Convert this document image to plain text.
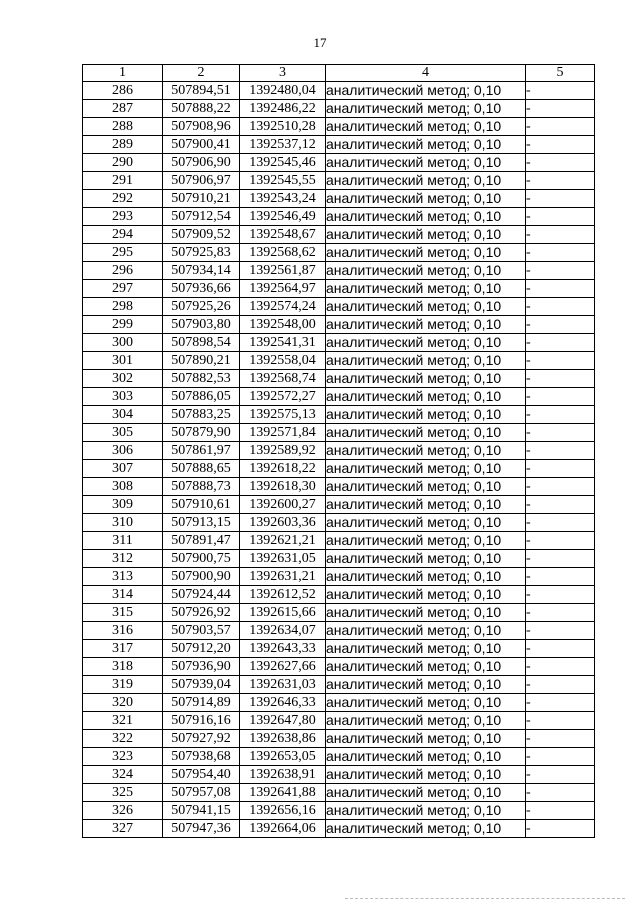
17
1	2	3	4	5
286	507894,51	1392480,04	аналитический метод; 0,10	-
287	507888,22	1392486,22	аналитический метод; 0,10	-
288	507908,96	1392510,28	аналитический метод; 0,10	-
289	507900,41	1392537,12	аналитический метод; 0,10	-
290	507906,90	1392545,46	аналитический метод; 0,10	-
291	507906,97	1392545,55	аналитический метод; 0,10	-
292	507910,21	1392543,24	аналитический метод; 0,10	-
293	507912,54	1392546,49	аналитический метод; 0,10	-
294	507909,52	1392548,67	аналитический метод; 0,10	-
295	507925,83	1392568,62	аналитический метод; 0,10	-
296	507934,14	1392561,87	аналитический метод; 0,10	-
297	507936,66	1392564,97	аналитический метод; 0,10	-
298	507925,26	1392574,24	аналитический метод; 0,10	-
299	507903,80	1392548,00	аналитический метод; 0,10	-
300	507898,54	1392541,31	аналитический метод; 0,10	-
301	507890,21	1392558,04	аналитический метод; 0,10	-
302	507882,53	1392568,74	аналитический метод; 0,10	-
303	507886,05	1392572,27	аналитический метод; 0,10	-
304	507883,25	1392575,13	аналитический метод; 0,10	-
305	507879,90	1392571,84	аналитический метод; 0,10	-
306	507861,97	1392589,92	аналитический метод; 0,10	-
307	507888,65	1392618,22	аналитический метод; 0,10	-
308	507888,73	1392618,30	аналитический метод; 0,10	-
309	507910,61	1392600,27	аналитический метод; 0,10	-
310	507913,15	1392603,36	аналитический метод; 0,10	-
311	507891,47	1392621,21	аналитический метод; 0,10	-
312	507900,75	1392631,05	аналитический метод; 0,10	-
313	507900,90	1392631,21	аналитический метод; 0,10	-
314	507924,44	1392612,52	аналитический метод; 0,10	-
315	507926,92	1392615,66	аналитический метод; 0,10	-
316	507903,57	1392634,07	аналитический метод; 0,10	-
317	507912,20	1392643,33	аналитический метод; 0,10	-
318	507936,90	1392627,66	аналитический метод; 0,10	-
319	507939,04	1392631,03	аналитический метод; 0,10	-
320	507914,89	1392646,33	аналитический метод; 0,10	-
321	507916,16	1392647,80	аналитический метод; 0,10	-
322	507927,92	1392638,86	аналитический метод; 0,10	-
323	507938,68	1392653,05	аналитический метод; 0,10	-
324	507954,40	1392638,91	аналитический метод; 0,10	-
325	507957,08	1392641,88	аналитический метод; 0,10	-
326	507941,15	1392656,16	аналитический метод; 0,10	-
327	507947,36	1392664,06	аналитический метод; 0,10	-
